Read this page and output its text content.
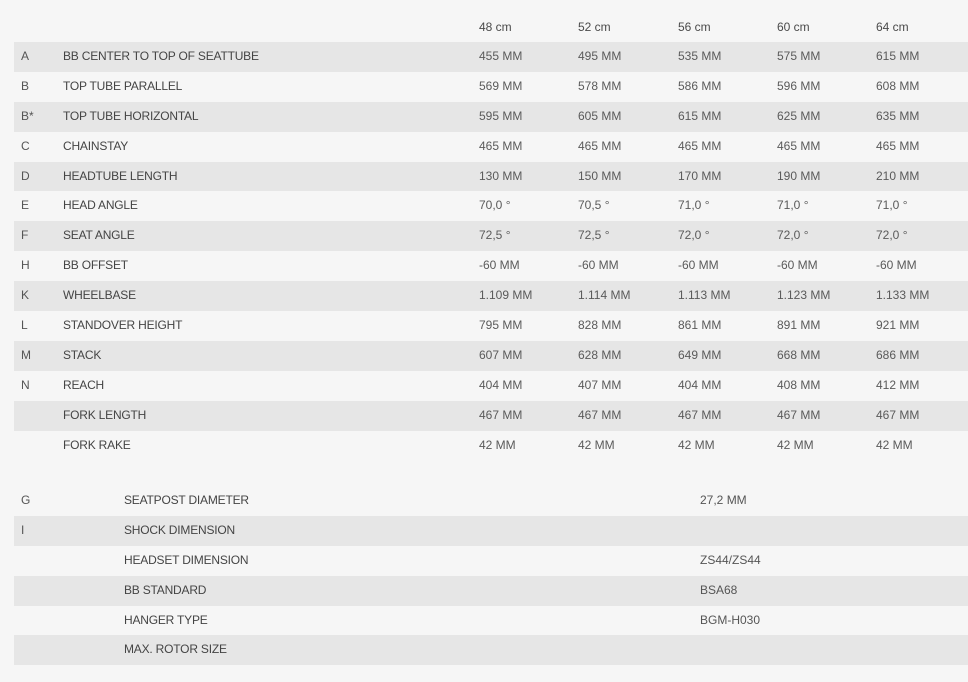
48 cm	52 cm	56 cm	60 cm	64 cm
A	BB CENTER TO TOP OF SEATTUBE	455 MM	495 MM	535 MM	575 MM	615 MM
B	TOP TUBE PARALLEL	569 MM	578 MM	586 MM	596 MM	608 MM
B* TOP TUBE HORIZONTAL	595 MM	605 MM	615 MM	625 MM	635 MM
C	CHAINSTAY	465 MM	465 MM	465 MM	465 MM	465 MM
D	HEADTUBE LENGTH	130 MM	150 MM	170 MM	190 MM	210 MM
E	HEAD ANGLE	70,0 °	70,5 °	71,0 °	71,0 °	71,0 °
F	SEAT ANGLE	72,5 °	72,5 °	72,0 °	72,0 °	72,0 °
H	BB OFFSET	-60 MM	-60 MM	-60 MM	-60 MM	-60 MM
K	WHEELBASE	1.109 MM	1.114 MM	1.113 MM	1.123 MM	1.133 MM
L	STANDOVER HEIGHT	795 MM	828 MM	861 MM	891 MM	921 MM
M	STACK	607 MM	628 MM	649 MM	668 MM	686 MM
N	REACH	404 MM	407 MM	404 MM	408 MM	412 MM
FORK LENGTH	467 MM	467 MM	467 MM	467 MM	467 MM
FORK RAKE	42 MM	42 MM	42 MM	42 MM	42 MM
G	SEATPOST DIAMETER	27,2 MM
I	SHOCK DIMENSION
HEADSET DIMENSION	ZS44/ZS44
BB STANDARD	BSA68
HANGER TYPE	BGM-H030
MAX. ROTOR SIZE
